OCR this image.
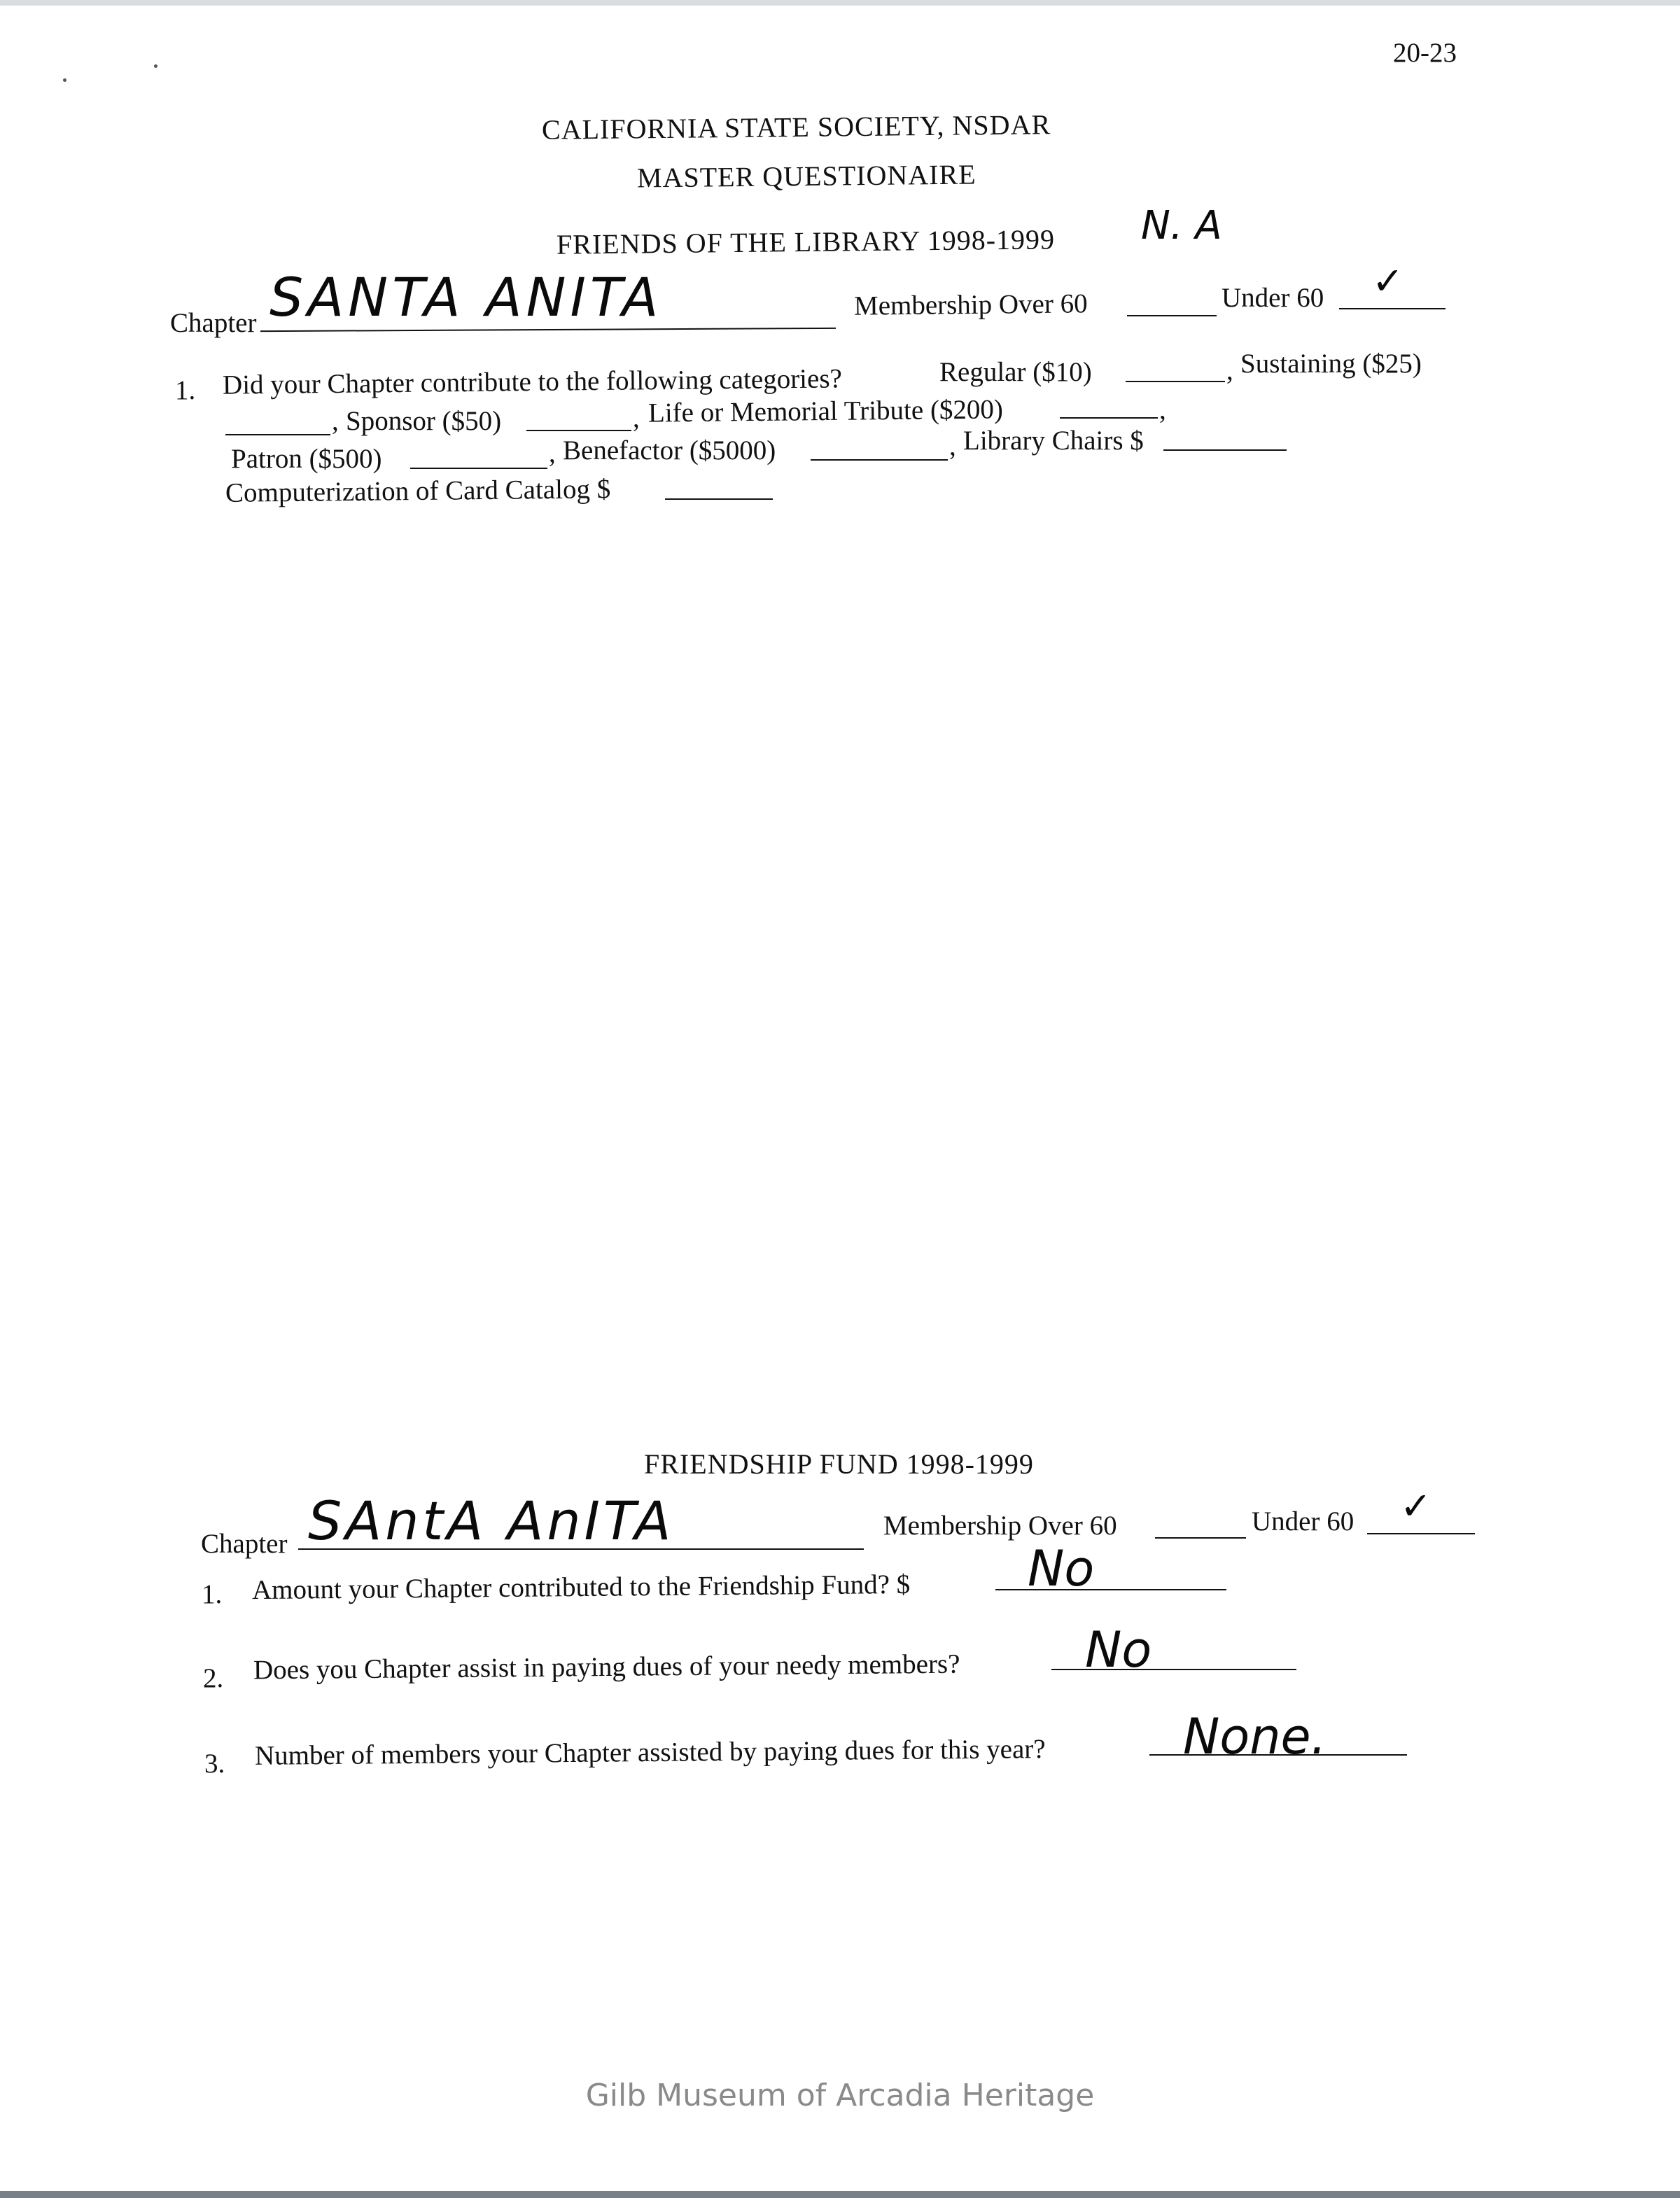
20-23
CALIFORNIA STATE SOCIETY, NSDAR
MASTER QUESTIONAIRE
FRIENDS OF THE LIBRARY 1998-1999 N. A
Chapter SANTA ANITA	Membership Over 60	Under 60 ✓
1. Did your Chapter contribute to the following categories?	Regular ($10)	, Sustaining ($25)
, Sponsor ($50)	, Life or Memorial Tribute ($200)	,
Patron ($500)	, Benefactor ($5000)	, Library Chairs $
Computerization of Card Catalog $
FRIENDSHIP FUND 1998-1999
Chapter SAntA AnITA	Membership Over 60	Under 60 ✓
1. Amount your Chapter contributed to the Friendship Fund? $ No
2. Does you Chapter assist in paying dues of your needy members?	No
3. Number of members your Chapter assisted by paying dues for this year?	None.
Gilb Museum of Arcadia Heritage
